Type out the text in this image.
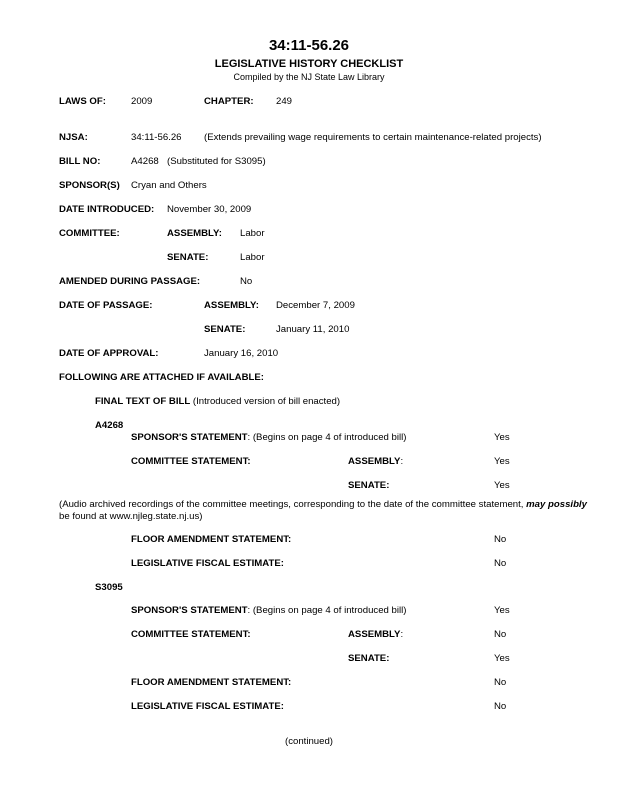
34:11-56.26
LEGISLATIVE HISTORY CHECKLIST
Compiled by the NJ State Law Library
LAWS OF:	2009	CHAPTER: 249
NJSA:	34:11-56.26 (Extends prevailing wage requirements to certain maintenance-related projects)
BILL NO:	A4268 (Substituted for S3095)
SPONSOR(S) Cryan and Others
DATE INTRODUCED: November 30, 2009
COMMITTEE:	ASSEMBLY: Labor
SENATE:	Labor
AMENDED DURING PASSAGE:	No
DATE OF PASSAGE:	ASSEMBLY: December 7, 2009
SENATE:	January 11, 2010
DATE OF APPROVAL:	January 16, 2010
FOLLOWING ARE ATTACHED IF AVAILABLE:
FINAL TEXT OF BILL (Introduced version of bill enacted)
A4268
SPONSOR'S STATEMENT: (Begins on page 4 of introduced bill)	Yes
COMMITTEE STATEMENT:	ASSEMBLY:	Yes
SENATE:	Yes
(Audio archived recordings of the committee meetings, corresponding to the date of the committee statement, may possibly
be found at www.njleg.state.nj.us)
FLOOR AMENDMENT STATEMENT:	No
LEGISLATIVE FISCAL ESTIMATE:	No
S3095
SPONSOR'S STATEMENT: (Begins on page 4 of introduced bill)	Yes
COMMITTEE STATEMENT:	ASSEMBLY:	No
SENATE:	Yes
FLOOR AMENDMENT STATEMENT:	No
LEGISLATIVE FISCAL ESTIMATE:	No
(continued)
